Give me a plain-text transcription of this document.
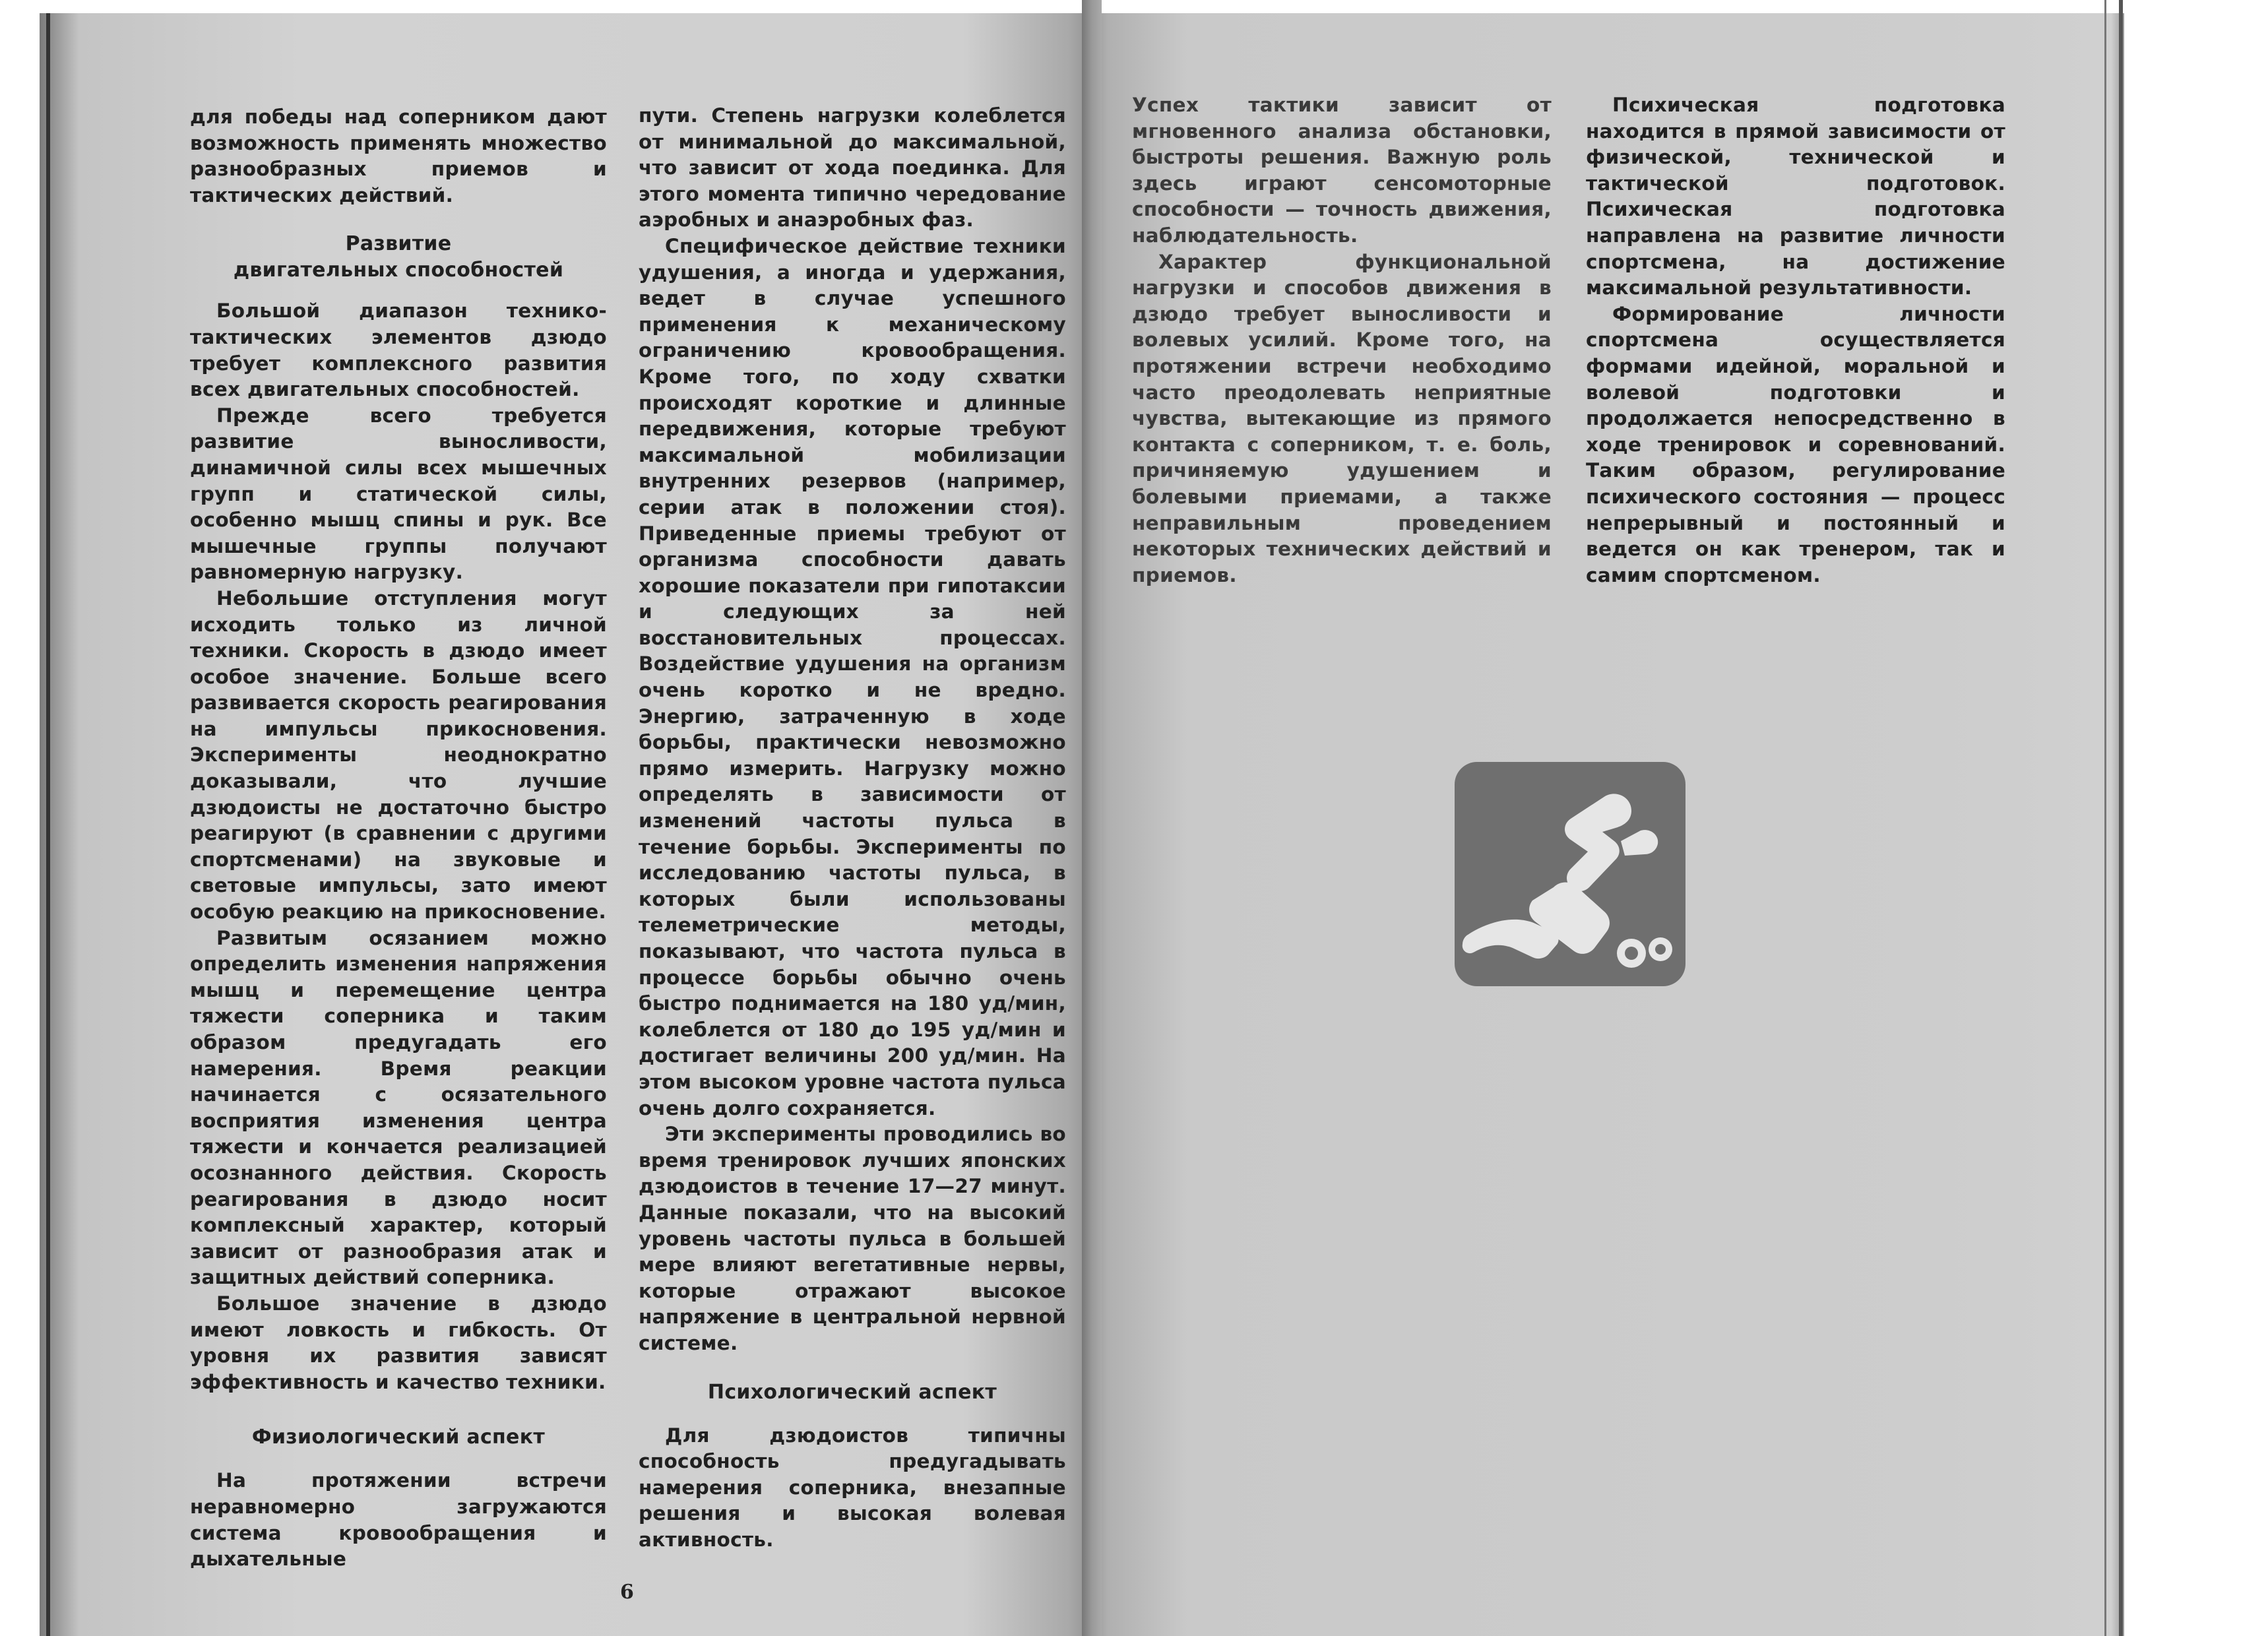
для победы над соперником дают возможность применять множество разнообразных приемов и тактических действий.

Развитие
двигательных способностей

Большой диапазон технико-тактических элементов дзюдо требует комплексного развития всех двигательных способностей.

Прежде всего требуется развитие выносливости, динамичной силы всех мышечных групп и статической силы, особенно мышц спины и рук. Все мышечные группы получают равномерную нагрузку.

Небольшие отступления могут исходить только из личной техники. Скорость в дзюдо имеет особое значение. Больше всего развивается скорость реагирования на импульсы прикосновения. Эксперименты неоднократно доказывали, что лучшие дзюдоисты не достаточно быстро реагируют (в сравнении с другими спортсменами) на звуковые и световые импульсы, зато имеют особую реакцию на прикосновение.

Развитым осязанием можно определить изменения напряжения мышц и перемещение центра тяжести соперника и таким образом предугадать его намерения. Время реакции начинается с осязательного восприятия изменения центра тяжести и кончается реализацией осознанного действия. Скорость реагирования в дзюдо носит комплексный характер, который зависит от разнообразия атак и защитных действий соперника.

Большое значение в дзюдо имеют ловкость и гибкость. От уровня их развития зависят эффективность и качество техники.

Физиологический аспект

На протяжении встречи неравномерно загружаются система кровообращения и дыхательные

пути. Степень нагрузки колеблется от минимальной до максимальной, что зависит от хода поединка. Для этого момента типично чередование аэробных и анаэробных фаз.

Специфическое действие техники удушения, а иногда и удержания, ведет в случае успешного применения к механическому ограничению кровообращения. Кроме того, по ходу схватки происходят короткие и длинные передвижения, которые требуют максимальной мобилизации внутренних резервов (например, серии атак в положении стоя). Приведенные приемы требуют от организма способности давать хорошие показатели при гипотаксии и следующих за ней восстановительных процессах. Воздействие удушения на организм очень коротко и не вредно. Энергию, затраченную в ходе борьбы, практически невозможно прямо измерить. Нагрузку можно определять в зависимости от изменений частоты пульса в течение борьбы. Эксперименты по исследованию частоты пульса, в которых были использованы телеметрические методы, показывают, что частота пульса в процессе борьбы обычно очень быстро поднимается на 180 уд/мин, колеблется от 180 до 195 уд/мин и достигает величины 200 уд/мин. На этом высоком уровне частота пульса очень долго сохраняется.

Эти эксперименты проводились во время тренировок лучших японских дзюдоистов в течение 17—27 минут. Данные показали, что на высокий уровень частоты пульса в большей мере влияют вегетативные нервы, которые отражают высокое напряжение в центральной нервной системе.

Психологический аспект

Для дзюдоистов типичны способность предугадывать намерения соперника, внезапные решения и высокая волевая активность.

6

Успех тактики зависит от мгновенного анализа обстановки, быстроты решения. Важную роль здесь играют сенсомоторные способности — точность движения, наблюдательность.

Характер функциональной нагрузки и способов движения в дзюдо требует выносливости и волевых усилий. Кроме того, на протяжении встречи необходимо часто преодолевать неприятные чувства, вытекающие из прямого контакта с соперником, т. е. боль, причиняемую удушением и болевыми приемами, а также неправильным проведением некоторых технических действий и приемов.

Психическая подготовка находится в прямой зависимости от физической, технической и тактической подготовок. Психическая подготовка направлена на развитие личности спортсмена, на достижение максимальной результативности.

Формирование личности спортсмена осуществляется формами идейной, моральной и волевой подготовки и продолжается непосредственно в ходе тренировок и соревнований. Таким образом, регулирование психического состояния — процесс непрерывный и постоянный и ведется он как тренером, так и самим спортсменом.
